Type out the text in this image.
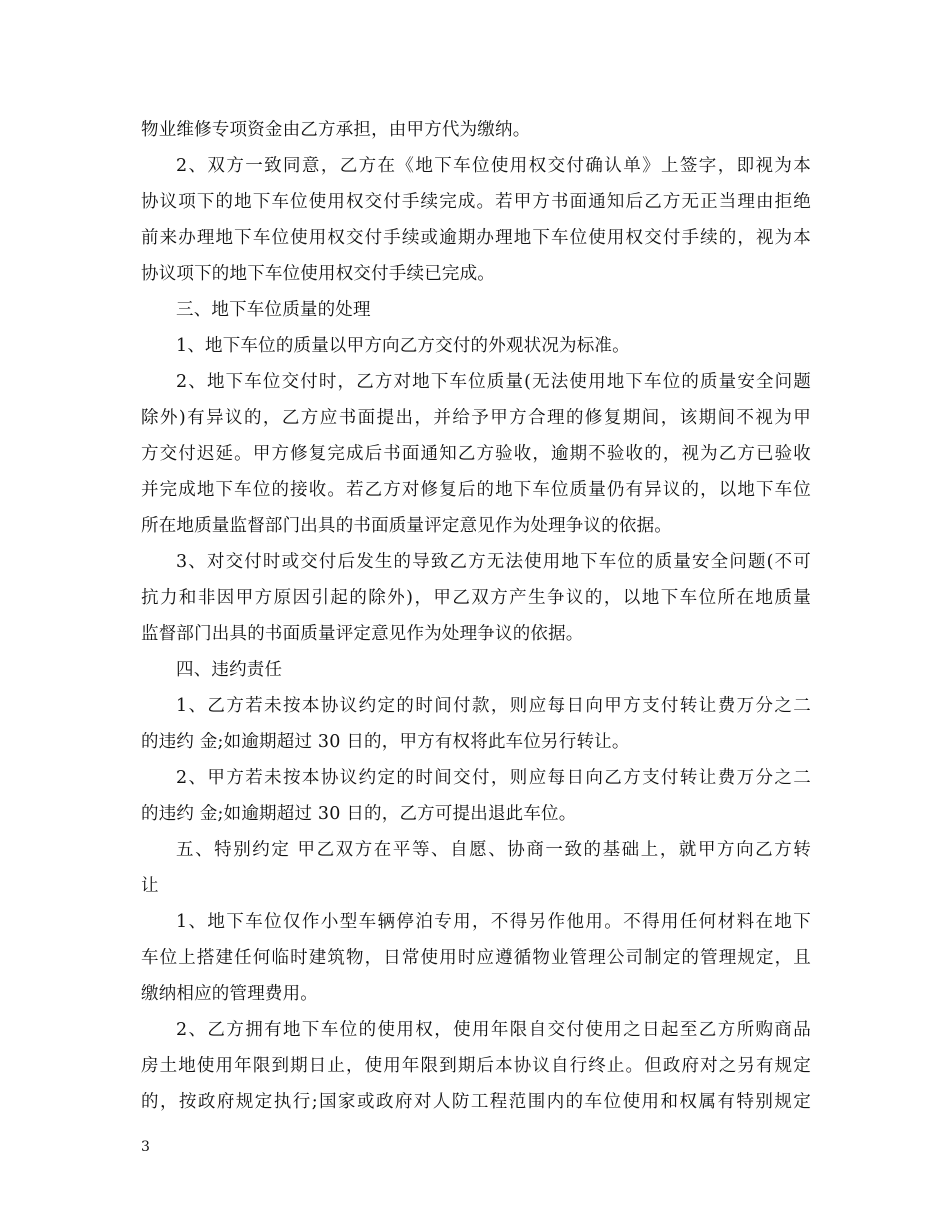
物业维修专项资金由乙方承担，由甲方代为缴纳。
2、双方一致同意，乙方在《地下车位使用权交付确认单》上签字，即视为本
协议项下的地下车位使用权交付手续完成。若甲方书面通知后乙方无正当理由拒绝
前来办理地下车位使用权交付手续或逾期办理地下车位使用权交付手续的，视为本
协议项下的地下车位使用权交付手续已完成。
三、地下车位质量的处理
1、地下车位的质量以甲方向乙方交付的外观状况为标准。
2、地下车位交付时，乙方对地下车位质量(无法使用地下车位的质量安全问题
除外)有异议的，乙方应书面提出，并给予甲方合理的修复期间，该期间不视为甲
方交付迟延。甲方修复完成后书面通知乙方验收，逾期不验收的，视为乙方已验收
并完成地下车位的接收。若乙方对修复后的地下车位质量仍有异议的，以地下车位
所在地质量监督部门出具的书面质量评定意见作为处理争议的依据。
3、对交付时或交付后发生的导致乙方无法使用地下车位的质量安全问题(不可
抗力和非因甲方原因引起的除外)，甲乙双方产生争议的，以地下车位所在地质量
监督部门出具的书面质量评定意见作为处理争议的依据。
四、违约责任
1、乙方若未按本协议约定的时间付款，则应每日向甲方支付转让费万分之二
的违约 金;如逾期超过 30 日的，甲方有权将此车位另行转让。
2、甲方若未按本协议约定的时间交付，则应每日向乙方支付转让费万分之二
的违约 金;如逾期超过 30 日的，乙方可提出退此车位。
五、特别约定 甲乙双方在平等、自愿、协商一致的基础上，就甲方向乙方转
让
1、地下车位仅作小型车辆停泊专用，不得另作他用。不得用任何材料在地下
车位上搭建任何临时建筑物，日常使用时应遵循物业管理公司制定的管理规定，且
缴纳相应的管理费用。
2、乙方拥有地下车位的使用权，使用年限自交付使用之日起至乙方所购商品
房土地使用年限到期日止，使用年限到期后本协议自行终止。但政府对之另有规定
的，按政府规定执行;国家或政府对人防工程范围内的车位使用和权属有特别规定
3
